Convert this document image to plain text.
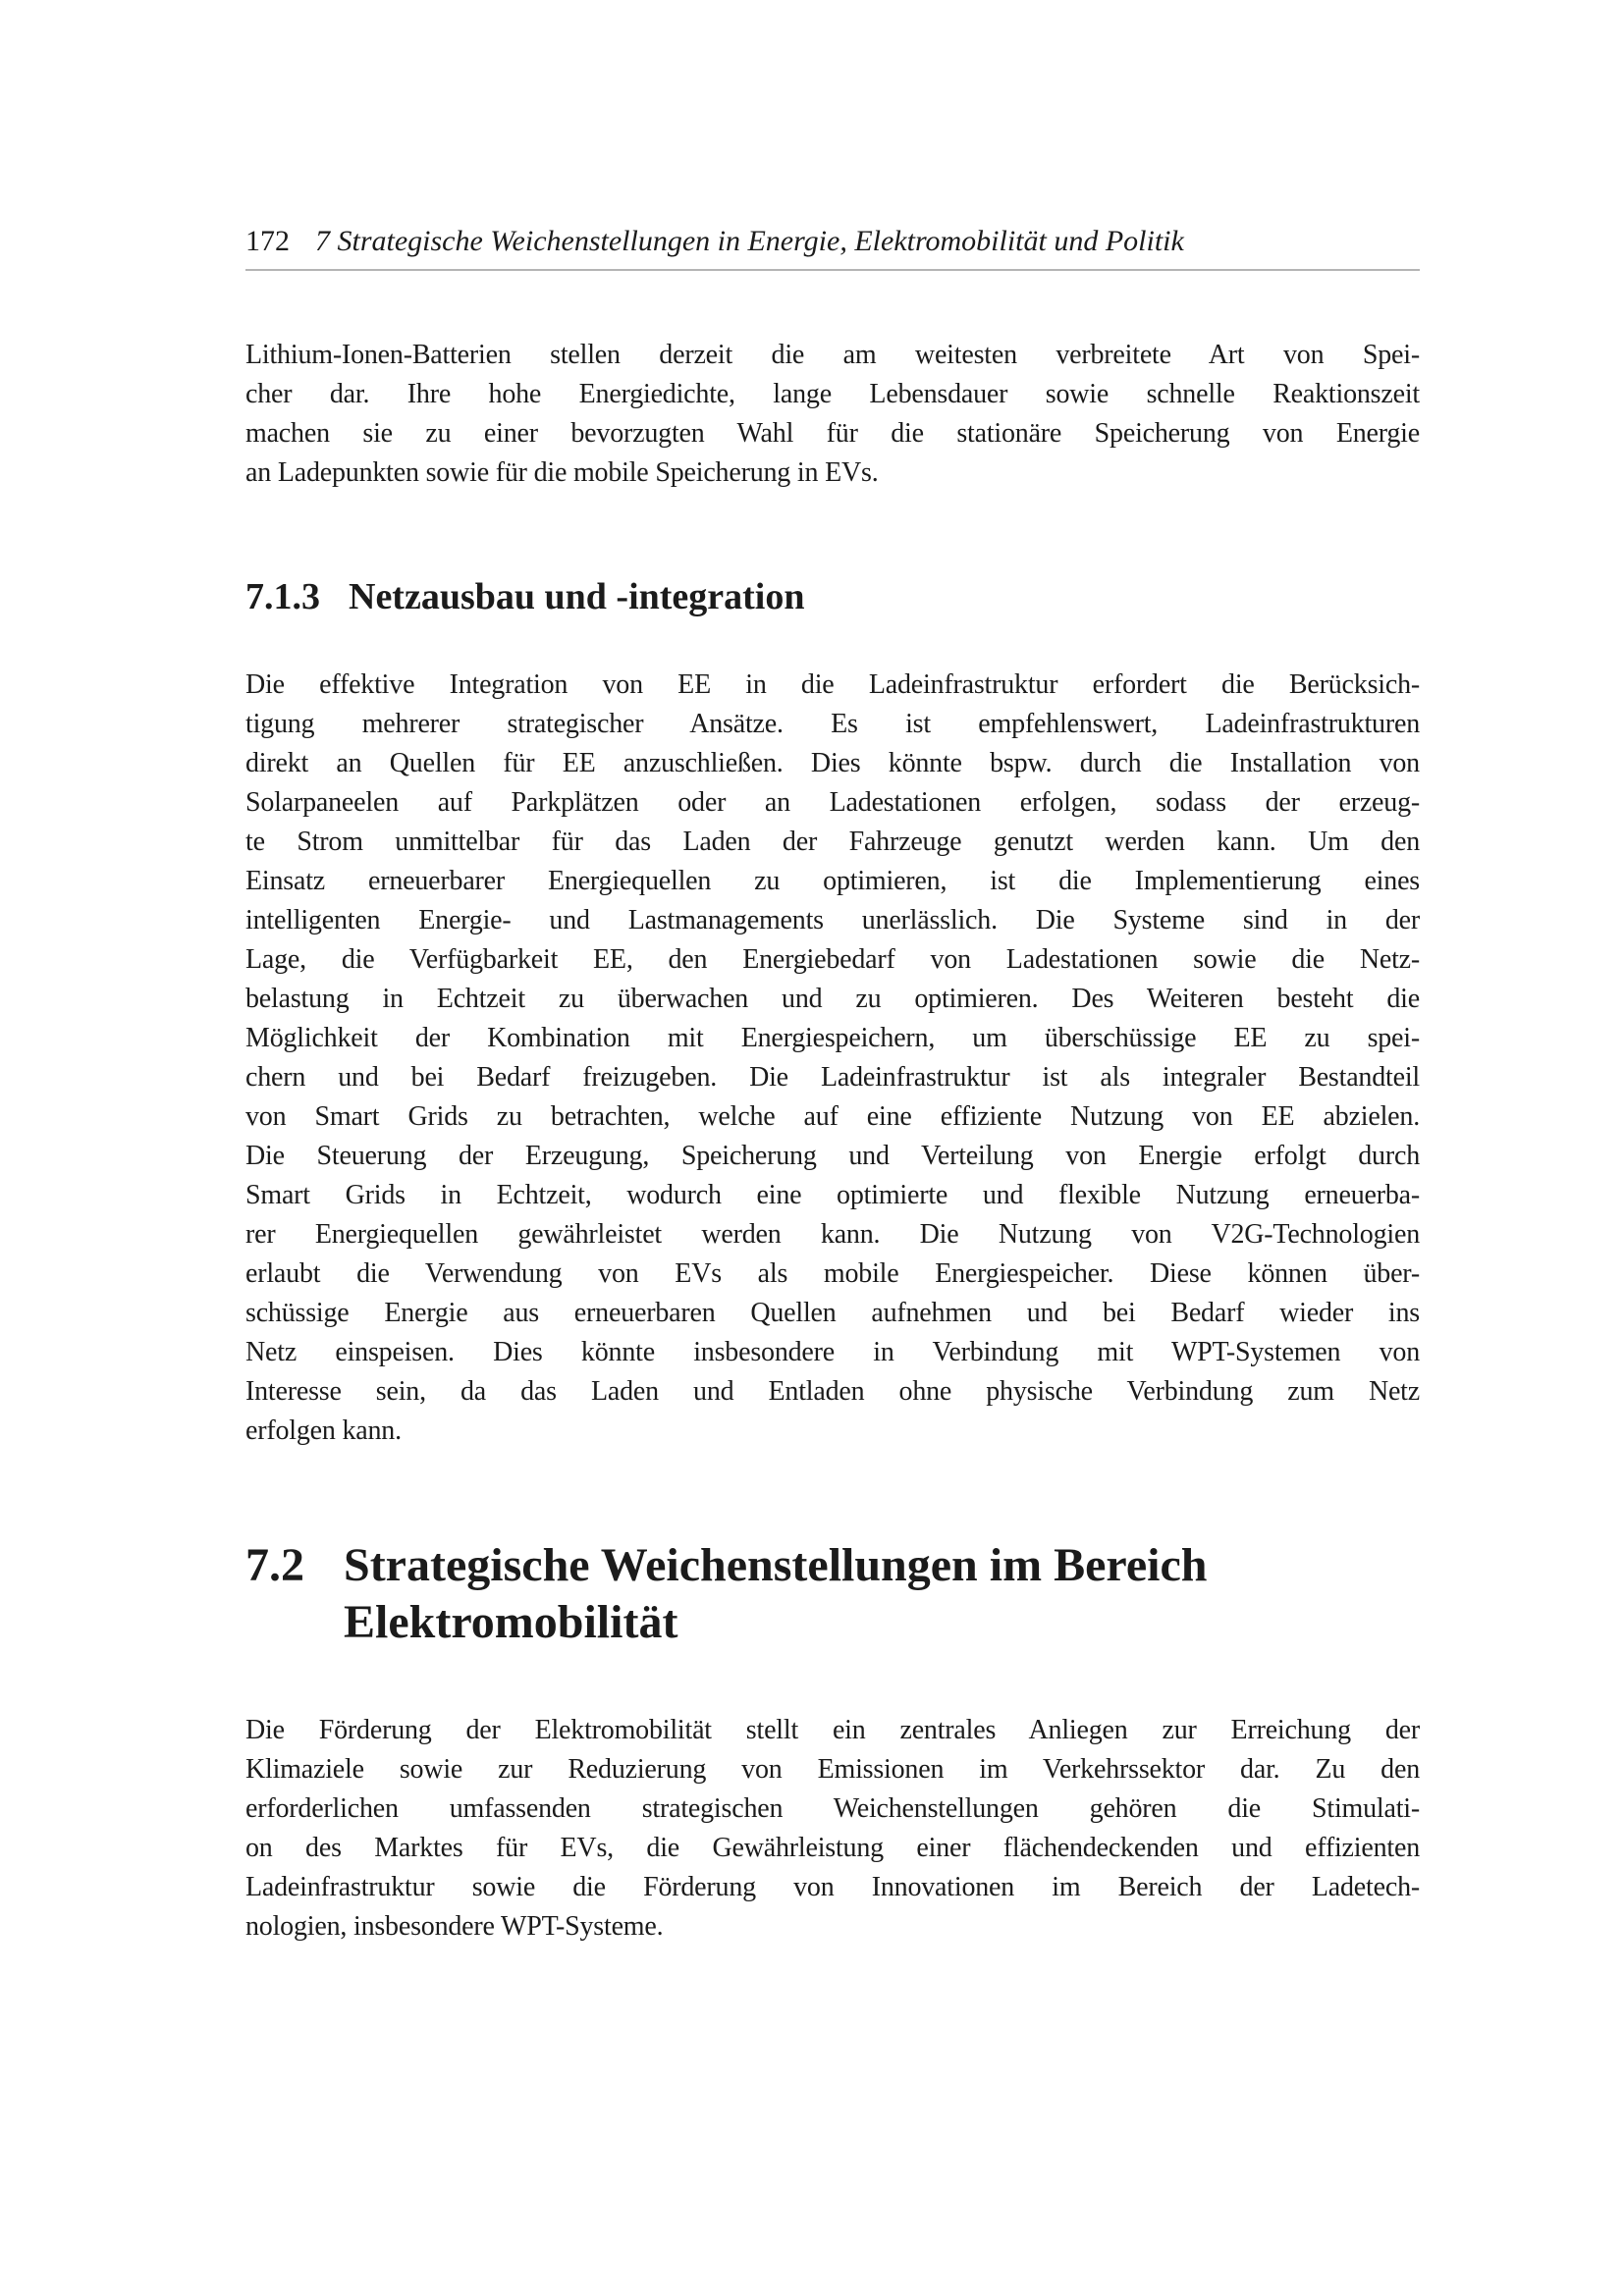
172 7 Strategische Weichenstellungen in Energie, Elektromobilität und Politik
Lithium-Ionen-Batterien stellen derzeit die am weitesten verbreitete Art von Spei-
cher dar. Ihre hohe Energiedichte, lange Lebensdauer sowie schnelle Reaktionszeit
machen sie zu einer bevorzugten Wahl für die stationäre Speicherung von Energie
an Ladepunkten sowie für die mobile Speicherung in EVs.
7.1.3 Netzausbau und -integration
Die effektive Integration von EE in die Ladeinfrastruktur erfordert die Berücksich-
tigung mehrerer strategischer Ansätze. Es ist empfehlenswert, Ladeinfrastrukturen
direkt an Quellen für EE anzuschließen. Dies könnte bspw. durch die Installation von
Solarpaneelen auf Parkplätzen oder an Ladestationen erfolgen, sodass der erzeug-
te Strom unmittelbar für das Laden der Fahrzeuge genutzt werden kann. Um den
Einsatz erneuerbarer Energiequellen zu optimieren, ist die Implementierung eines
intelligenten Energie- und Lastmanagements unerlässlich. Die Systeme sind in der
Lage, die Verfügbarkeit EE, den Energiebedarf von Ladestationen sowie die Netz-
belastung in Echtzeit zu überwachen und zu optimieren. Des Weiteren besteht die
Möglichkeit der Kombination mit Energiespeichern, um überschüssige EE zu spei-
chern und bei Bedarf freizugeben. Die Ladeinfrastruktur ist als integraler Bestandteil
von Smart Grids zu betrachten, welche auf eine effiziente Nutzung von EE abzielen.
Die Steuerung der Erzeugung, Speicherung und Verteilung von Energie erfolgt durch
Smart Grids in Echtzeit, wodurch eine optimierte und flexible Nutzung erneuerba-
rer Energiequellen gewährleistet werden kann. Die Nutzung von V2G-Technologien
erlaubt die Verwendung von EVs als mobile Energiespeicher. Diese können über-
schüssige Energie aus erneuerbaren Quellen aufnehmen und bei Bedarf wieder ins
Netz einspeisen. Dies könnte insbesondere in Verbindung mit WPT-Systemen von
Interesse sein, da das Laden und Entladen ohne physische Verbindung zum Netz
erfolgen kann.
7.2 Strategische Weichenstellungen im Bereich
Elektromobilität
Die Förderung der Elektromobilität stellt ein zentrales Anliegen zur Erreichung der
Klimaziele sowie zur Reduzierung von Emissionen im Verkehrssektor dar. Zu den
erforderlichen umfassenden strategischen Weichenstellungen gehören die Stimulati-
on des Marktes für EVs, die Gewährleistung einer flächendeckenden und effizienten
Ladeinfrastruktur sowie die Förderung von Innovationen im Bereich der Ladetech-
nologien, insbesondere WPT-Systeme.
